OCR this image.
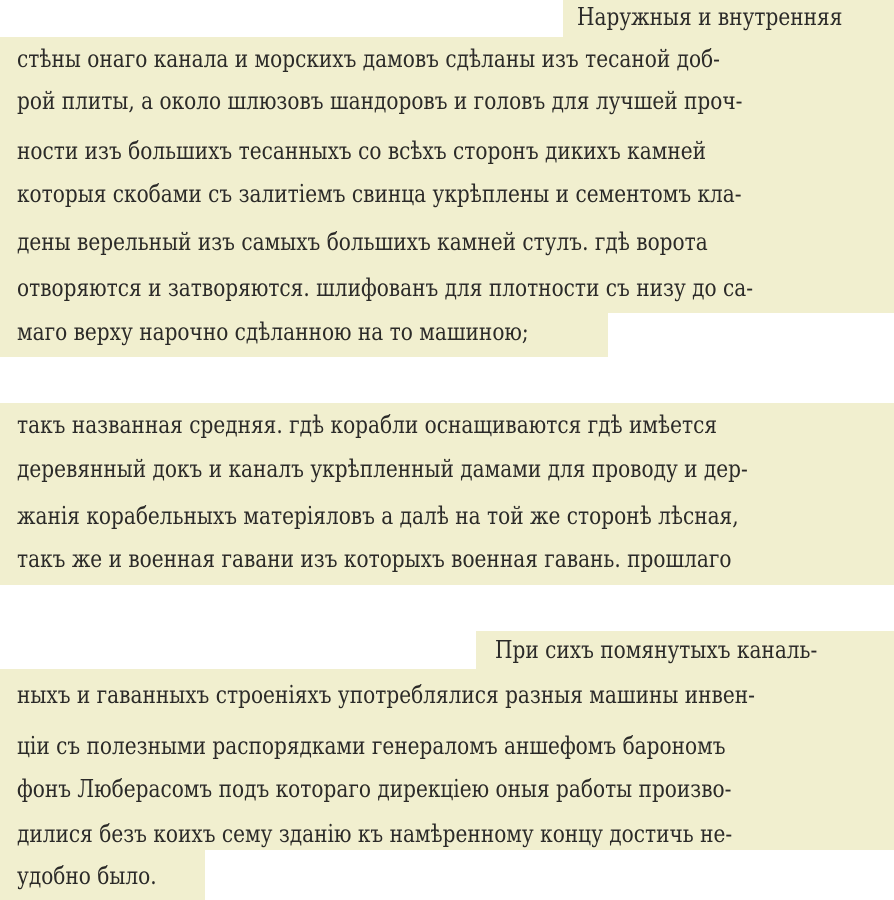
Наружныя и внутренняя
стѣны онаго канала и морскихъ дамовъ сдѣланы изъ тесаной доб-
рой плиты, а около шлюзовъ шандоровъ и головъ для лучшей проч-
ности изъ большихъ тесанныхъ со всѣхъ сторонъ дикихъ камней
которыя скобами съ залитiемъ свинца укрѣплены и сементомъ кла-
дены верельный изъ самыхъ большихъ камней стулъ. гдѣ ворота
отворяются и затворяются. шлифованъ для плотности съ низу до са-
маго верху нарочно сдѣланною на то машиною;
такъ названная средняя. гдѣ корабли оснащиваются гдѣ имѣется
деревянный докъ и каналъ укрѣпленный дамами для проводу и дер-
жанiя корабельныхъ матерiяловъ а далѣ на той же сторонѣ лѣсная,
такъ же и военная гавани изъ которыхъ военная гавань. прошлаго
При сихъ помянутыхъ каналь-
ныхъ и гаванныхъ строенiяхъ употреблялися разныя машины инвен-
цiи съ полезными распорядками генераломъ аншефомъ барономъ
фонъ Люберасомъ подъ котораго дирекцiею оныя работы произво-
дилися безъ коихъ сему зданiю къ намѣренному концу достичь не-
удобно было.
